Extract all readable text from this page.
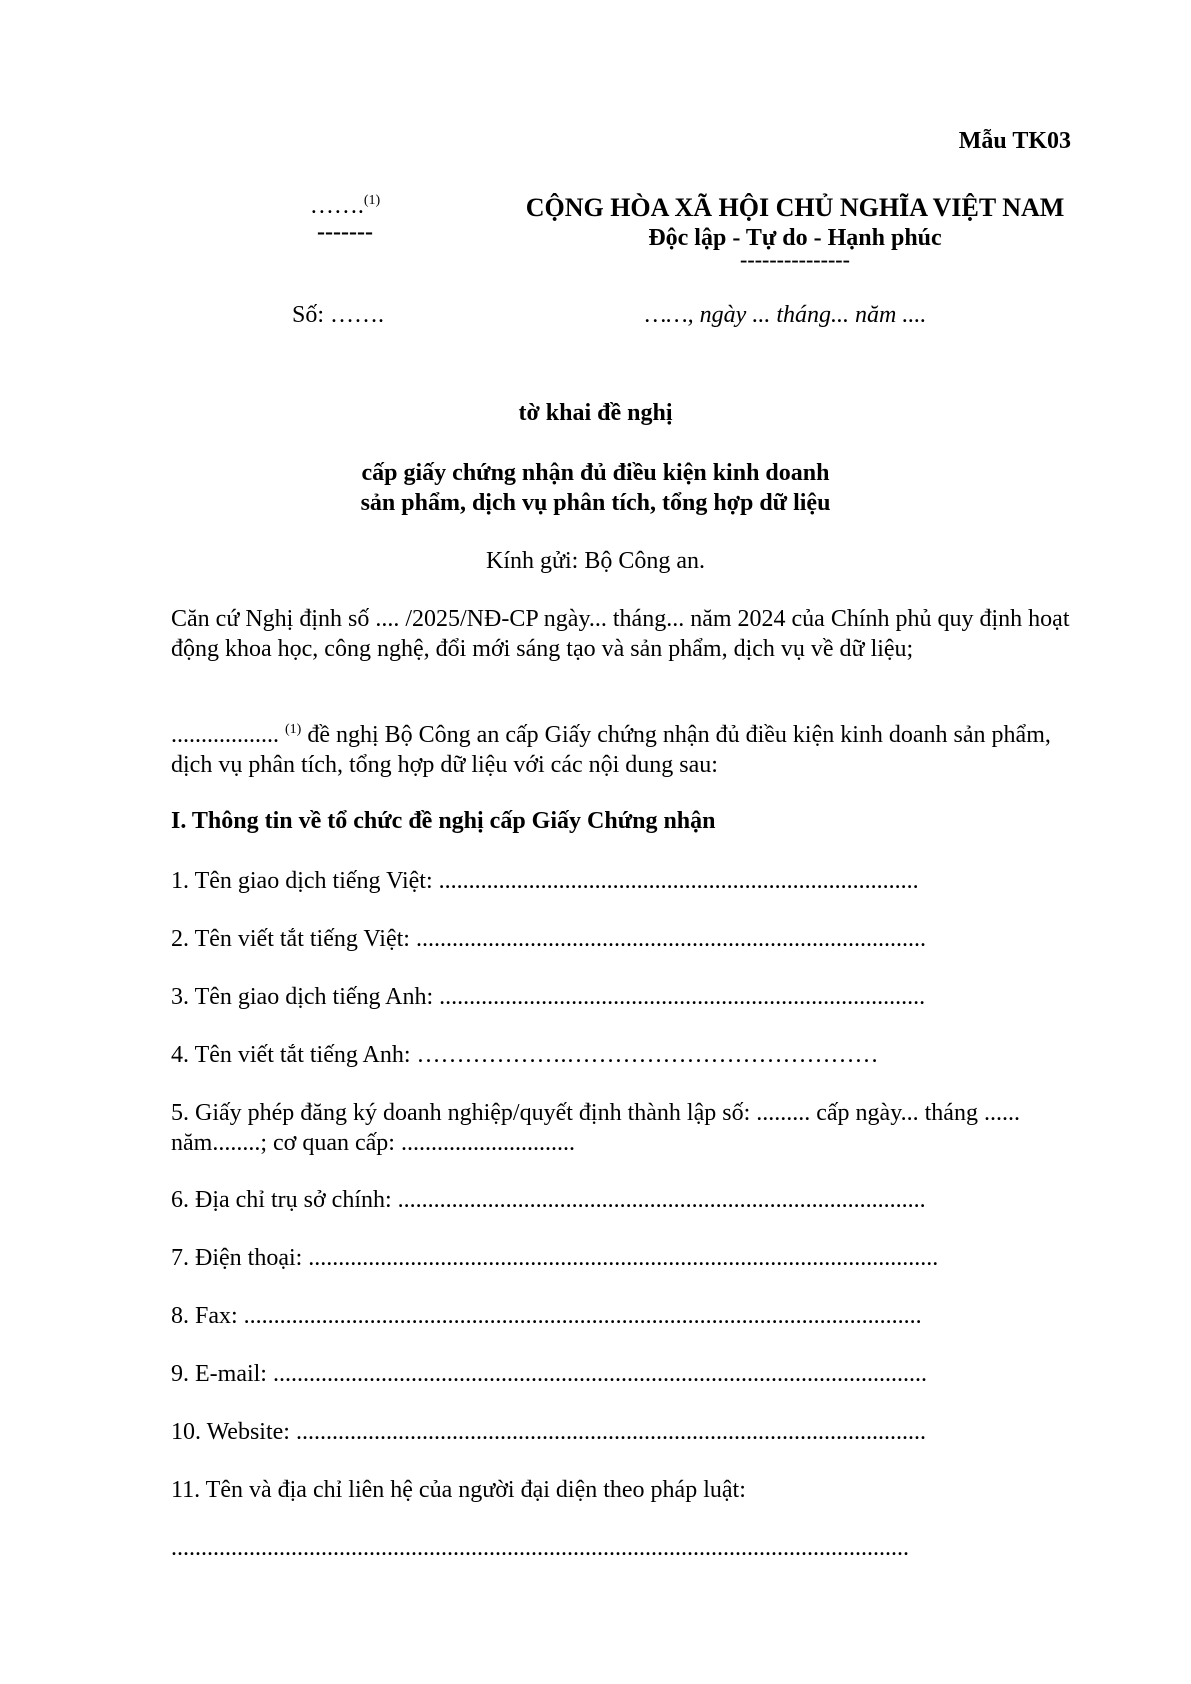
Mẫu TK03
…….$^{(1)}$
-------
CỘNG HÒA XÃ HỘI CHỦ NGHĨA VIỆT NAM
Độc lập - Tự do - Hạnh phúc
---------------
Số: …….	……, ngày ... tháng... năm ....
tờ khai đề nghị
cấp giấy chứng nhận đủ điều kiện kinh doanh
sản phẩm, dịch vụ phân tích, tổng hợp dữ liệu
Kính gửi: Bộ Công an.
Căn cứ Nghị định số .... /2025/NĐ-CP ngày... tháng... năm 2024 của Chính phủ quy định hoạt động khoa học, công nghệ, đổi mới sáng tạo và sản phẩm, dịch vụ về dữ liệu;
.................. $^{(1)}$ đề nghị Bộ Công an cấp Giấy chứng nhận đủ điều kiện kinh doanh sản phẩm, dịch vụ phân tích, tổng hợp dữ liệu với các nội dung sau:
I. Thông tin về tổ chức đề nghị cấp Giấy Chứng nhận
1. Tên giao dịch tiếng Việt: ................................................................................
2. Tên viết tắt tiếng Việt: .....................................................................................
3. Tên giao dịch tiếng Anh: .................................................................................
4. Tên viết tắt tiếng Anh: ……………….…………………………………
5. Giấy phép đăng ký doanh nghiệp/quyết định thành lập số: ......... cấp ngày... tháng ...... năm........; cơ quan cấp: .............................
6. Địa chỉ trụ sở chính: ........................................................................................
7. Điện thoại: .........................................................................................................
8. Fax: .................................................................................................................
9. E-mail: .............................................................................................................
10. Website: .........................................................................................................
11. Tên và địa chỉ liên hệ của người đại diện theo pháp luật:
...........................................................................................................................
